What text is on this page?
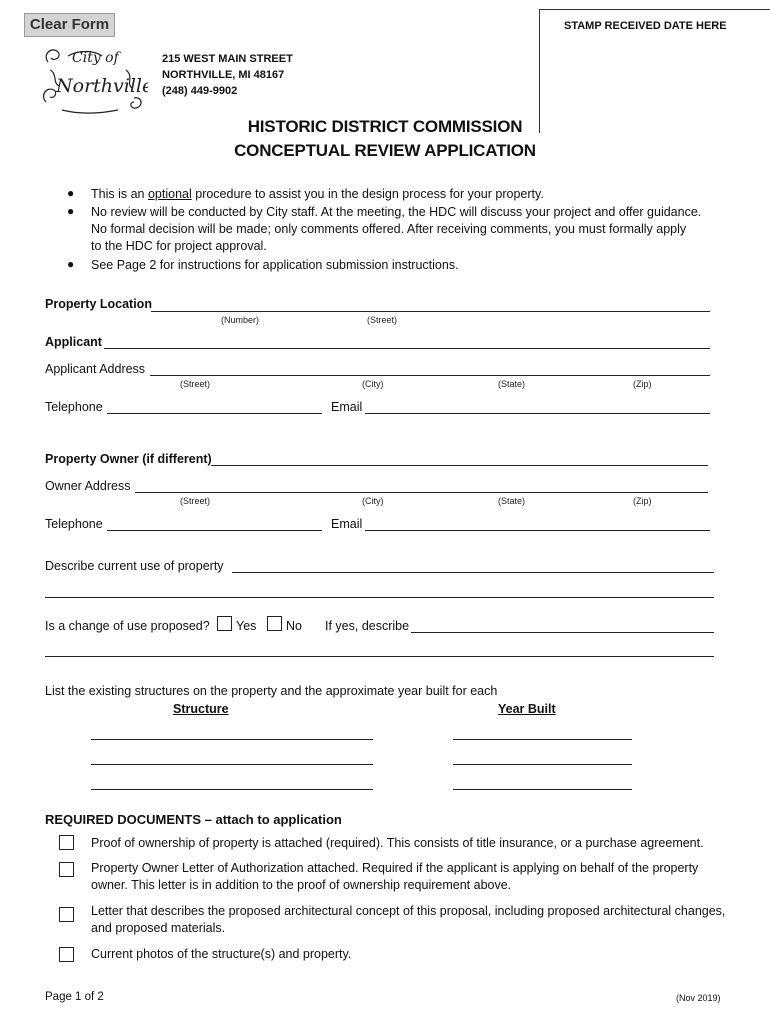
Clear Form	STAMP RECEIVED DATE HERE
City of
Northville
215 WEST MAIN STREET
NORTHVILLE, MI 48167
(248) 449-9902
HISTORIC DISTRICT COMMISSION
CONCEPTUAL REVIEW APPLICATION
● This is an optional procedure to assist you in the design process for your property.
● No review will be conducted by City staff. At the meeting, the HDC will discuss your project and offer guidance.
No formal decision will be made; only comments offered. After receiving comments, you must formally apply
to the HDC for project approval.
● See Page 2 for instructions for application submission instructions.
Property Location
(Number)	(Street)
Applicant
Applicant Address
(Street)	(City)	(State)	(Zip)
Telephone	Email
Property Owner (if different)
Owner Address
(Street)	(City)	(State)	(Zip)
Telephone	Email
Describe current use of property
Is a change of use proposed? Yes No If yes, describe
List the existing structures on the property and the approximate year built for each
Structure	Year Built
REQUIRED DOCUMENTS – attach to application
Proof of ownership of property is attached (required). This consists of title insurance, or a purchase agreement.
Property Owner Letter of Authorization attached. Required if the applicant is applying on behalf of the property
owner. This letter is in addition to the proof of ownership requirement above.
Letter that describes the proposed architectural concept of this proposal, including proposed architectural changes,
and proposed materials.
Current photos of the structure(s) and property.
Page 1 of 2	(Nov 2019)
